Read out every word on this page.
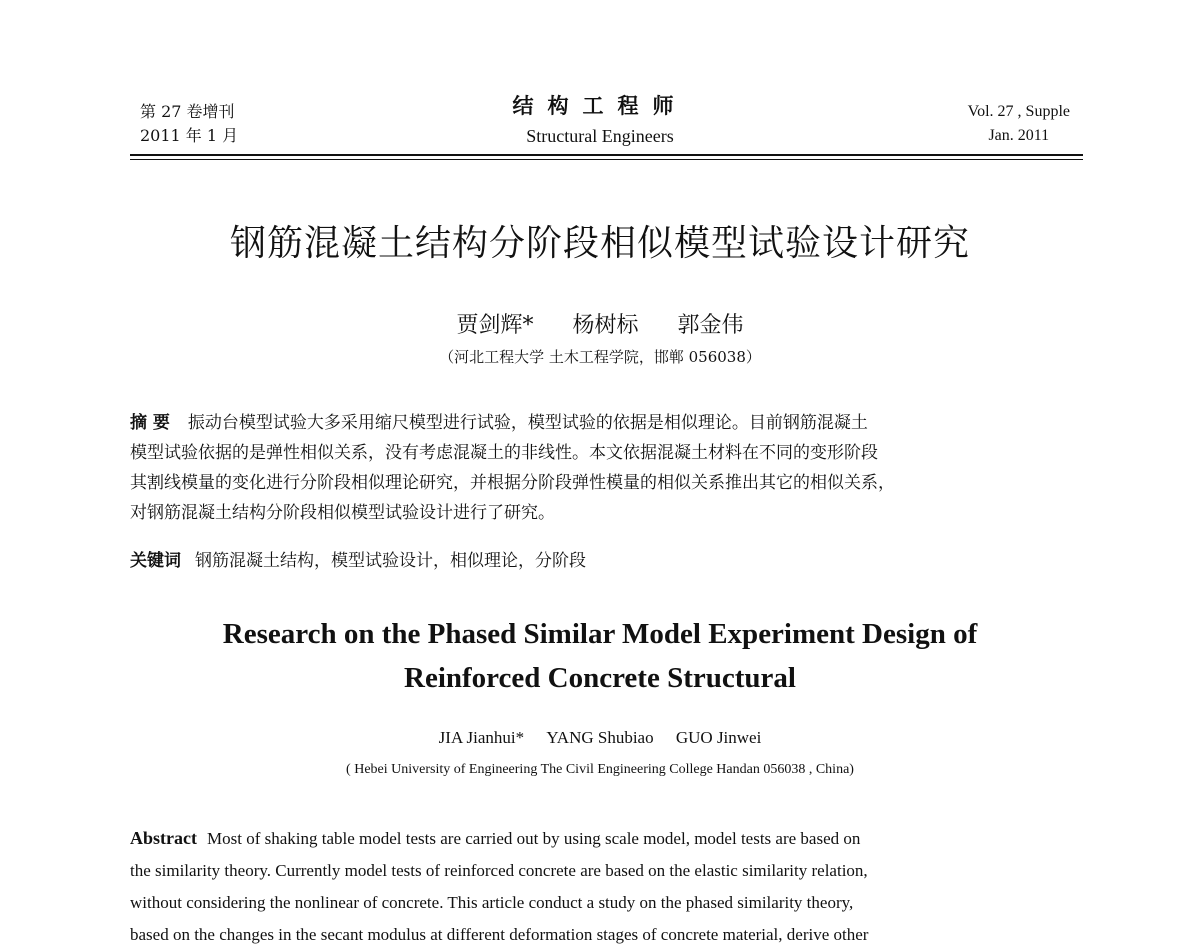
第 27 卷增刊
2011 年 1 月
结构工程师
Structural Engineers
Vol. 27 , Supple
Jan. 2011
钢筋混凝土结构分阶段相似模型试验设计研究
贾剑辉* 杨树标 郭金伟
（河北工程大学 土木工程学院，邯郸 056038）
摘 要 振动台模型试验大多采用缩尺模型进行试验，模型试验的依据是相似理论。目前钢筋混凝土
模型试验依据的是弹性相似关系，没有考虑混凝土的非线性。本文依据混凝土材料在不同的变形阶段
其割线模量的变化进行分阶段相似理论研究，并根据分阶段弹性模量的相似关系推出其它的相似关系，
对钢筋混凝土结构分阶段相似模型试验设计进行了研究。
关键词 钢筋混凝土结构，模型试验设计，相似理论，分阶段
Research on the Phased Similar Model Experiment Design of
Reinforced Concrete Structural
JIA Jianhui* YANG Shubiao GUO Jinwei
( Hebei University of Engineering The Civil Engineering College Handan 056038 , China)
Abstract Most of shaking table model tests are carried out by using scale model, model tests are based on
the similarity theory. Currently model tests of reinforced concrete are based on the elastic similarity relation,
without considering the nonlinear of concrete. This article conduct a study on the phased similarity theory,
based on the changes in the secant modulus at different deformation stages of concrete material, derive other
